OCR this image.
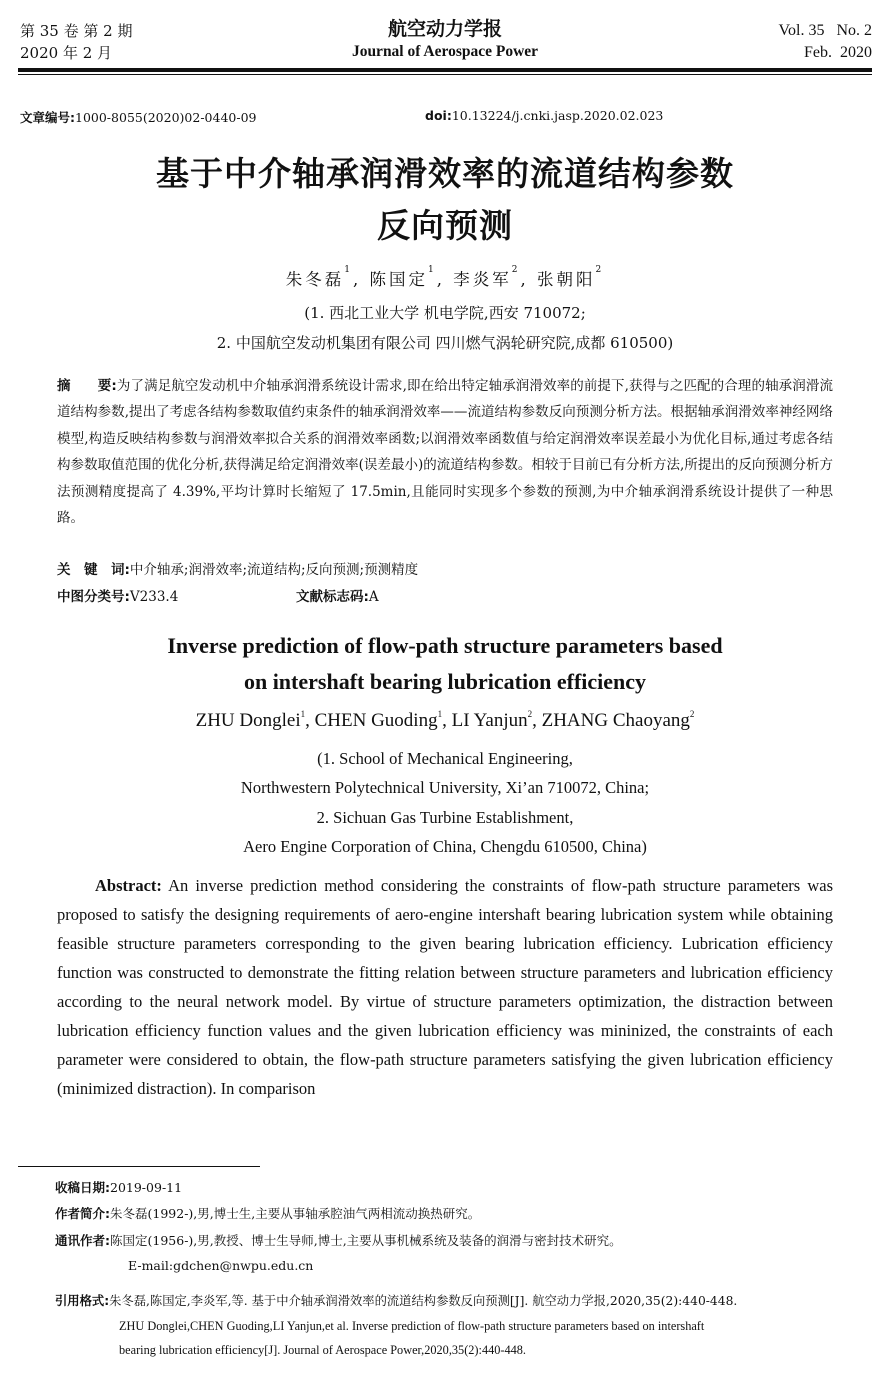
第 35 卷 第 2 期
2020 年 2 月
航空动力学报
Journal of Aerospace Power
Vol. 35   No. 2
Feb.  2020
文章编号:1000-8055(2020)02-0440-09	doi:10.13224/j.cnki.jasp.2020.02.023
基于中介轴承润滑效率的流道结构参数
反向预测
朱冬磊$^1$, 陈国定$^1$, 李炎军$^2$, 张朝阳$^2$
(1. 西北工业大学 机电学院,西安 710072;
2. 中国航空发动机集团有限公司 四川燃气涡轮研究院,成都 610500)
摘　　要:为了满足航空发动机中介轴承润滑系统设计需求,即在给出特定轴承润滑效率的前提下,获得与之匹配的合理的轴承润滑流道结构参数,提出了考虑各结构参数取值约束条件的轴承润滑效率——流道结构参数反向预测分析方法。根据轴承润滑效率神经网络模型,构造反映结构参数与润滑效率拟合关系的润滑效率函数;以润滑效率函数值与给定润滑效率误差最小为优化目标,通过考虑各结构参数取值范围的优化分析,获得满足给定润滑效率(误差最小)的流道结构参数。相较于目前已有分析方法,所提出的反向预测分析方法预测精度提高了 4.39%,平均计算时长缩短了 17.5min,且能同时实现多个参数的预测,为中介轴承润滑系统设计提供了一种思路。
关　键　词:中介轴承;润滑效率;流道结构;反向预测;预测精度
中图分类号:V233.4	文献标志码:A
Inverse prediction of flow-path structure parameters based
on intershaft bearing lubrication efficiency
ZHU Donglei$^1$, CHEN Guoding$^1$, LI Yanjun$^2$, ZHANG Chaoyang$^2$
(1. School of Mechanical Engineering,
Northwestern Polytechnical University, Xi’an 710072, China;
2. Sichuan Gas Turbine Establishment,
Aero Engine Corporation of China, Chengdu 610500, China)
Abstract: An inverse prediction method considering the constraints of flow-path structure parameters was proposed to satisfy the designing requirements of aero-engine intershaft bearing lubrication system while obtaining feasible structure parameters corresponding to the given bearing lubrication efficiency. Lubrication efficiency function was constructed to demonstrate the fitting relation between structure parameters and lubrication efficiency according to the neural network model. By virtue of structure parameters optimization, the distraction between lubrication efficiency function values and the given lubrication efficiency was mininized, the constraints of each parameter were considered to obtain, the flow-path structure parameters satisfying the given lubrication efficiency (minimized distraction). In comparison
收稿日期:2019-09-11
作者简介:朱冬磊(1992-),男,博士生,主要从事轴承腔油气两相流动换热研究。
通讯作者:陈国定(1956-),男,教授、博士生导师,博士,主要从事机械系统及装备的润滑与密封技术研究。
E-mail:gdchen@nwpu.edu.cn
引用格式:朱冬磊,陈国定,李炎军,等. 基于中介轴承润滑效率的流道结构参数反向预测[J]. 航空动力学报,2020,35(2):440-448.
ZHU Donglei,CHEN Guoding,LI Yanjun,et al. Inverse prediction of flow-path structure parameters based on intershaft
bearing lubrication efficiency[J]. Journal of Aerospace Power,2020,35(2):440-448.
